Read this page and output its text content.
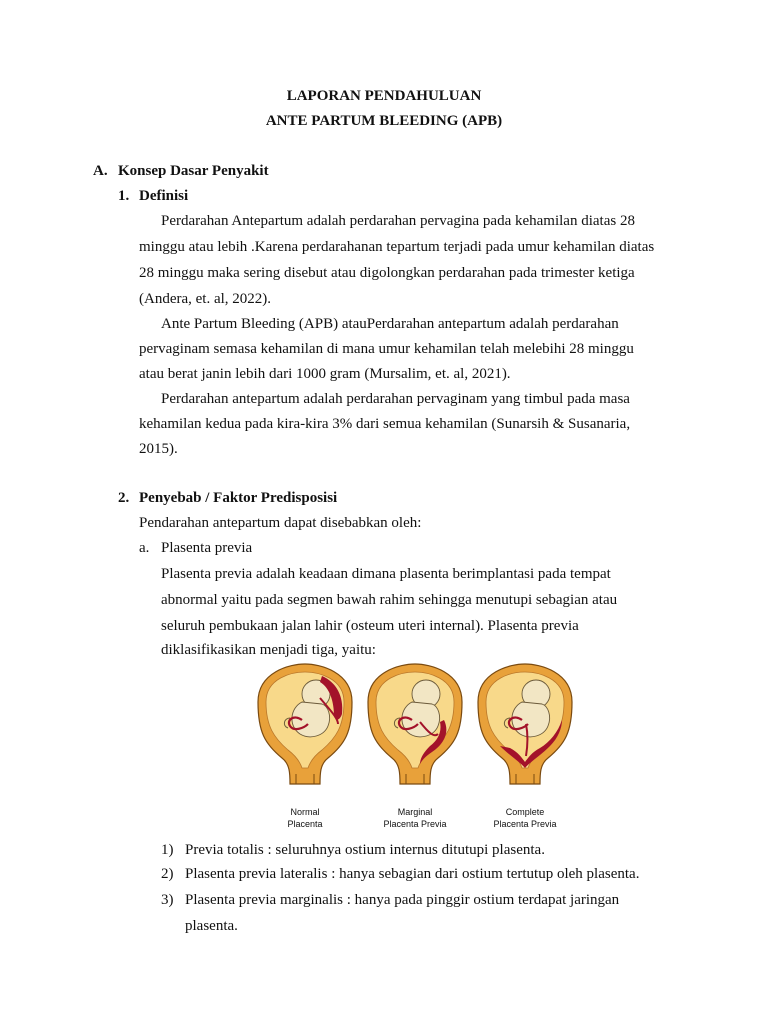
LAPORAN PENDAHULUAN
ANTE PARTUM BLEEDING (APB)
A. Konsep Dasar Penyakit
1. Definisi
Perdarahan Antepartum adalah perdarahan pervagina pada kehamilan diatas 28
minggu atau lebih .Karena perdarahanan tepartum terjadi pada umur kehamilan diatas
28 minggu maka sering disebut atau digolongkan perdarahan pada trimester ketiga
(Andera, et. al, 2022).
Ante Partum Bleeding (APB) atauPerdarahan antepartum adalah perdarahan
pervaginam semasa kehamilan di mana umur kehamilan telah melebihi 28 minggu
atau berat janin lebih dari 1000 gram (Mursalim, et. al, 2021).
Perdarahan antepartum adalah perdarahan pervaginam yang timbul pada masa
kehamilan kedua pada kira-kira 3% dari semua kehamilan (Sunarsih & Susanaria,
2015).
2. Penyebab / Faktor Predisposisi
Pendarahan antepartum dapat disebabkan oleh:
a. Plasenta previa
Plasenta previa adalah keadaan dimana plasenta berimplantasi pada tempat
abnormal yaitu pada segmen bawah rahim sehingga menutupi sebagian atau
seluruh pembukaan jalan lahir (osteum uteri internal). Plasenta previa
diklasifikasikan menjadi tiga, yaitu:
Normal
Placenta
Marginal
Placenta Previa
Complete
Placenta Previa
1) Previa totalis : seluruhnya ostium internus ditutupi plasenta.
2) Plasenta previa lateralis : hanya sebagian dari ostium tertutup oleh plasenta.
3) Plasenta previa marginalis : hanya pada pinggir ostium terdapat jaringan
plasenta.
